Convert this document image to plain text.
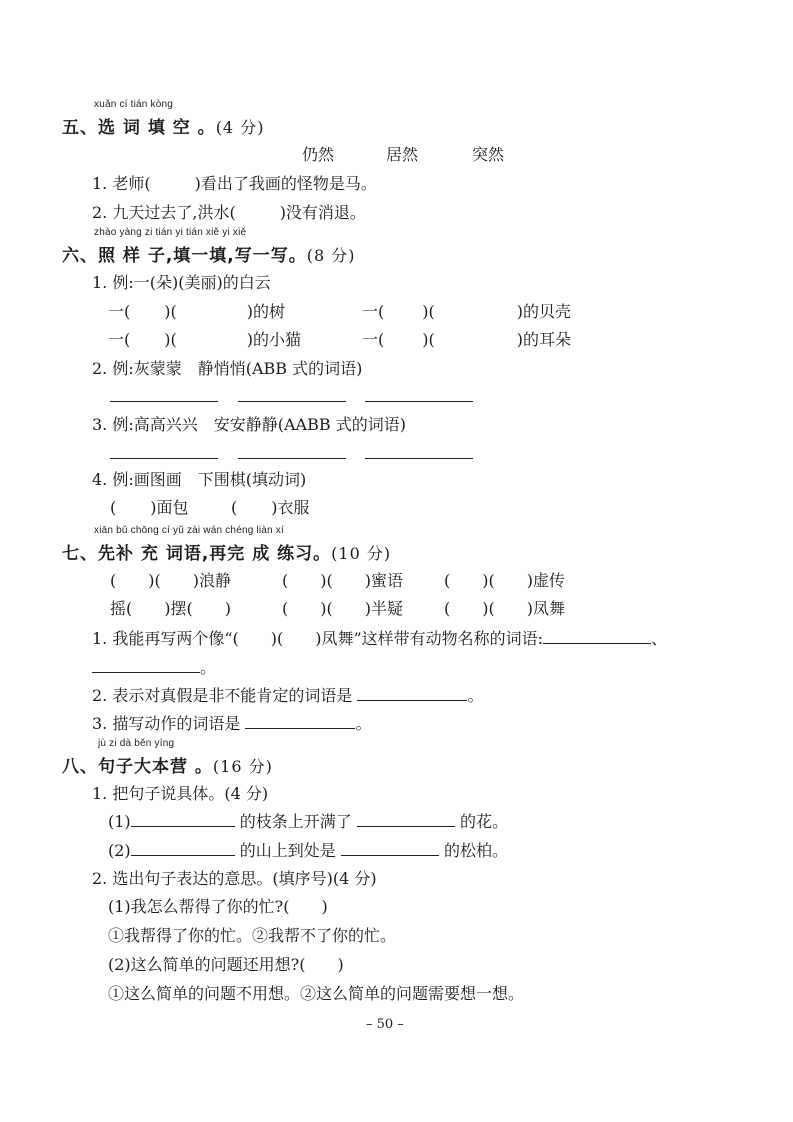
xuǎn cí tián kòng
五、选 词 填 空 。(4 分)
仍然	居然	突然
1. 老师(	)看出了我画的怪物是马。
2. 九天过去了,洪水(	)没有消退。
zhào yàng zi tián yi tián xiě yi xiě
六、照 样 子,填一填,写一写。(8 分)
1. 例:一(朵)(美丽)的白云
一( )(	)的树	一( )(	)的贝壳
一( )(	)的小猫	一( )(	)的耳朵
2. 例:灰蒙蒙　静悄悄(ABB 式的词语)
3. 例:高高兴兴　安安静静(AABB 式的词语)
4. 例:画图画　下围棋(填动词)
( )面包	( )衣服
xiān bǔ chōng cí yǔ zài wán chéng liàn xí
七、先补 充 词语,再完 成 练习。(10 分)
(　　)(　　)浪静	(　　)(　　)蜜语	(　　)(　　)虚传
摇(　　)摆(　　)	(　　)(　　)半疑	(　　)(　　)凤舞
1. 我能再写两个像“(　　)(　　)凤舞”这样带有动物名称的词语:	、
。
2. 表示对真假是非不能肯定的词语是	。
3. 描写动作的词语是	。
jù zi dà běn yíng
八、句子大本营 。(16 分)
1. 把句子说具体。(4 分)
(1)	的枝条上开满了	的花。
(2)	的山上到处是	的松柏。
2. 选出句子表达的意思。(填序号)(4 分)
(1)我怎么帮得了你的忙?(　　)
①我帮得了你的忙。②我帮不了你的忙。
(2)这么简单的问题还用想?(　　)
①这么简单的问题不用想。②这么简单的问题需要想一想。
– 50 –
